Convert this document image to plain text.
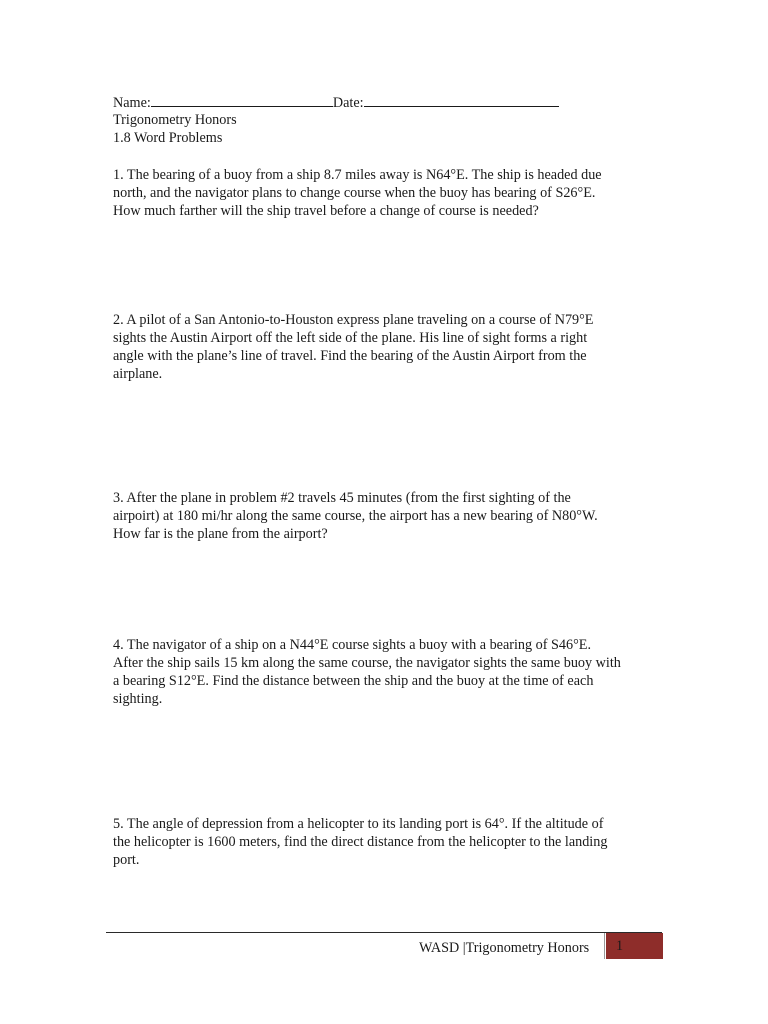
Name:	Date:
Trigonometry Honors
1.8 Word Problems

1. The bearing of a buoy from a ship 8.7 miles away is N64°E. The ship is headed due

north, and the navigator plans to change course when the buoy has bearing of S26°E.

How much farther will the ship travel before a change of course is needed?

2. A pilot of a San Antonio-to-Houston express plane traveling on a course of N79°E

sights the Austin Airport off the left side of the plane. His line of sight forms a right

angle with the plane’s line of travel. Find the bearing of the Austin Airport from the

airplane.

3. After the plane in problem #2 travels 45 minutes (from the first sighting of the

airpoirt) at 180 mi/hr along the same course, the airport has a new bearing of N80°W.

How far is the plane from the airport?

4. The navigator of a ship on a N44°E course sights a buoy with a bearing of S46°E.

After the ship sails 15 km along the same course, the navigator sights the same buoy with

a bearing S12°E. Find the distance between the ship and the buoy at the time of each

sighting.

5. The angle of depression from a helicopter to its landing port is 64°. If the altitude of

the helicopter is 1600 meters, find the direct distance from the helicopter to the landing

port.

WASD |Trigonometry Honors	1
